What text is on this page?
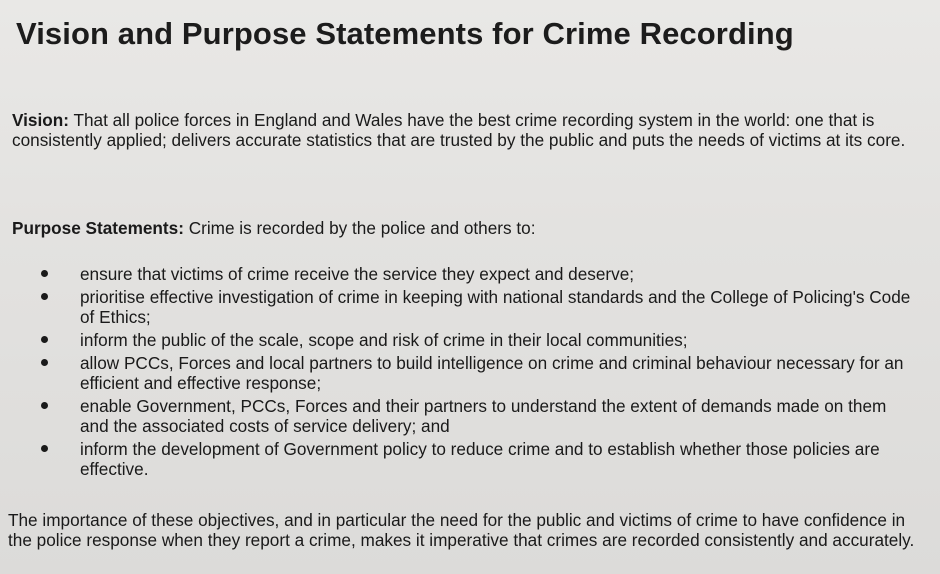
Vision and Purpose Statements for Crime Recording
Vision: That all police forces in England and Wales have the best crime recording system in the world: one that is consistently applied; delivers accurate statistics that are trusted by the public and puts the needs of victims at its core.
Purpose Statements: Crime is recorded by the police and others to:
ensure that victims of crime receive the service they expect and deserve;
prioritise effective investigation of crime in keeping with national standards and the College of Policing's Code of Ethics;
inform the public of the scale, scope and risk of crime in their local communities;
allow PCCs, Forces and local partners to build intelligence on crime and criminal behaviour necessary for an efficient and effective response;
enable Government, PCCs, Forces and their partners to understand the extent of demands made on them and the associated costs of service delivery; and
inform the development of Government policy to reduce crime and to establish whether those policies are effective.
The importance of these objectives, and in particular the need for the public and victims of crime to have confidence in the police response when they report a crime, makes it imperative that crimes are recorded consistently and accurately.
